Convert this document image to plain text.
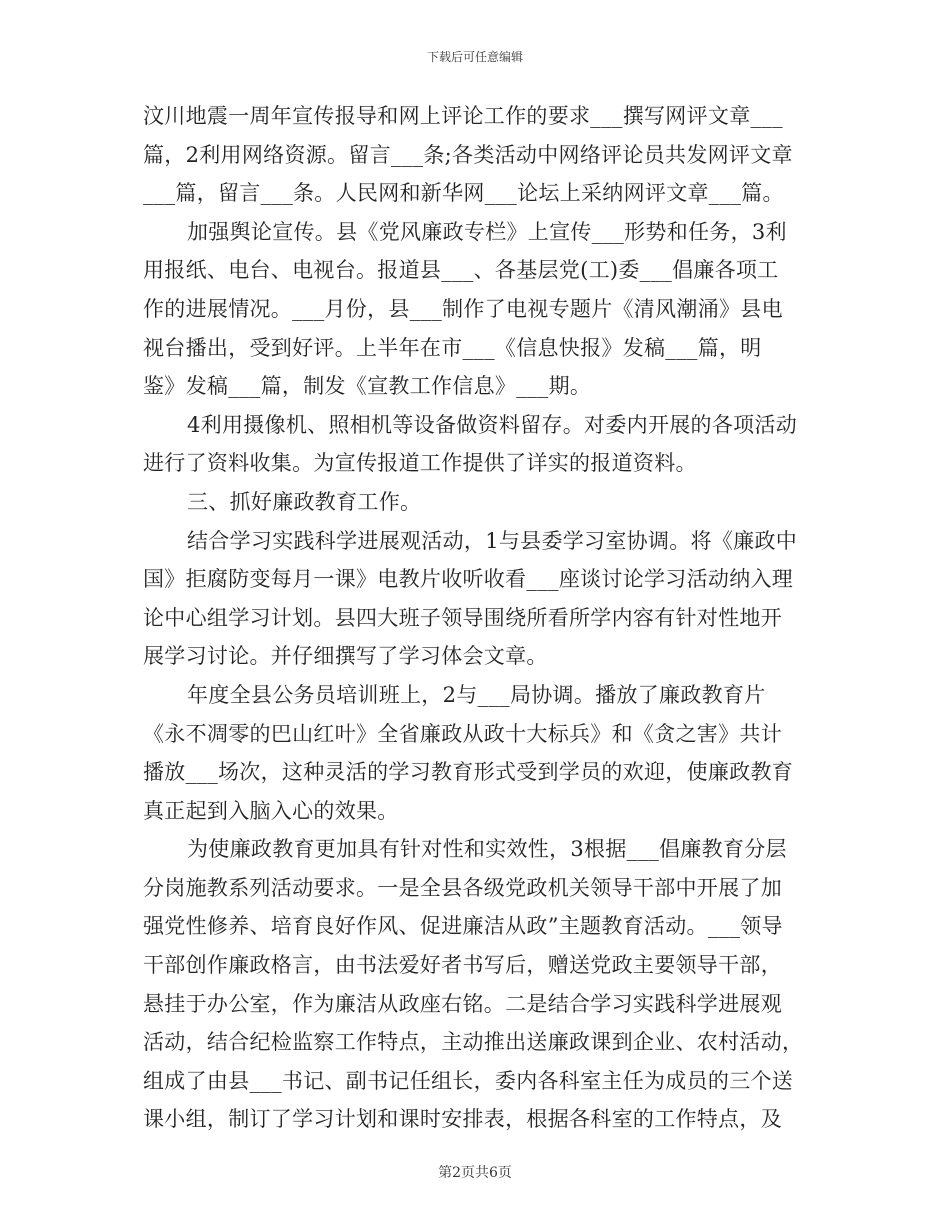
下载后可任意编辑
汶川地震一周年宣传报导和网上评论工作的要求___撰写网评文章___
篇，2利用网络资源。留言___条;各类活动中网络评论员共发网评文章
___篇，留言___条。人民网和新华网___论坛上采纳网评文章___篇。
加强舆论宣传。县《党风廉政专栏》上宣传___形势和任务，3利
用报纸、电台、电视台。报道县___、各基层党(工)委___倡廉各项工
作的进展情况。___月份，县___制作了电视专题片《清风潮涌》县电
视台播出，受到好评。上半年在市___《信息快报》发稿___篇，明
鉴》发稿___篇，制发《宣教工作信息》___期。
4利用摄像机、照相机等设备做资料留存。对委内开展的各项活动
进行了资料收集。为宣传报道工作提供了详实的报道资料。
三、抓好廉政教育工作。
结合学习实践科学进展观活动，1与县委学习室协调。将《廉政中
国》拒腐防变每月一课》电教片收听收看___座谈讨论学习活动纳入理
论中心组学习计划。县四大班子领导围绕所看所学内容有针对性地开
展学习讨论。并仔细撰写了学习体会文章。
年度全县公务员培训班上，2与___局协调。播放了廉政教育片
《永不凋零的巴山红叶》全省廉政从政十大标兵》和《贪之害》共计
播放___场次，这种灵活的学习教育形式受到学员的欢迎，使廉政教育
真正起到入脑入心的效果。
为使廉政教育更加具有针对性和实效性，3根据___倡廉教育分层
分岗施教系列活动要求。一是全县各级党政机关领导干部中开展了加
强党性修养、培育良好作风、促进廉洁从政”主题教育活动。___领导
干部创作廉政格言，由书法爱好者书写后，赠送党政主要领导干部，
悬挂于办公室，作为廉洁从政座右铭。二是结合学习实践科学进展观
活动，结合纪检监察工作特点，主动推出送廉政课到企业、农村活动，
组成了由县___书记、副书记任组长，委内各科室主任为成员的三个送
课小组，制订了学习计划和课时安排表，根据各科室的工作特点，及
第2页共6页
